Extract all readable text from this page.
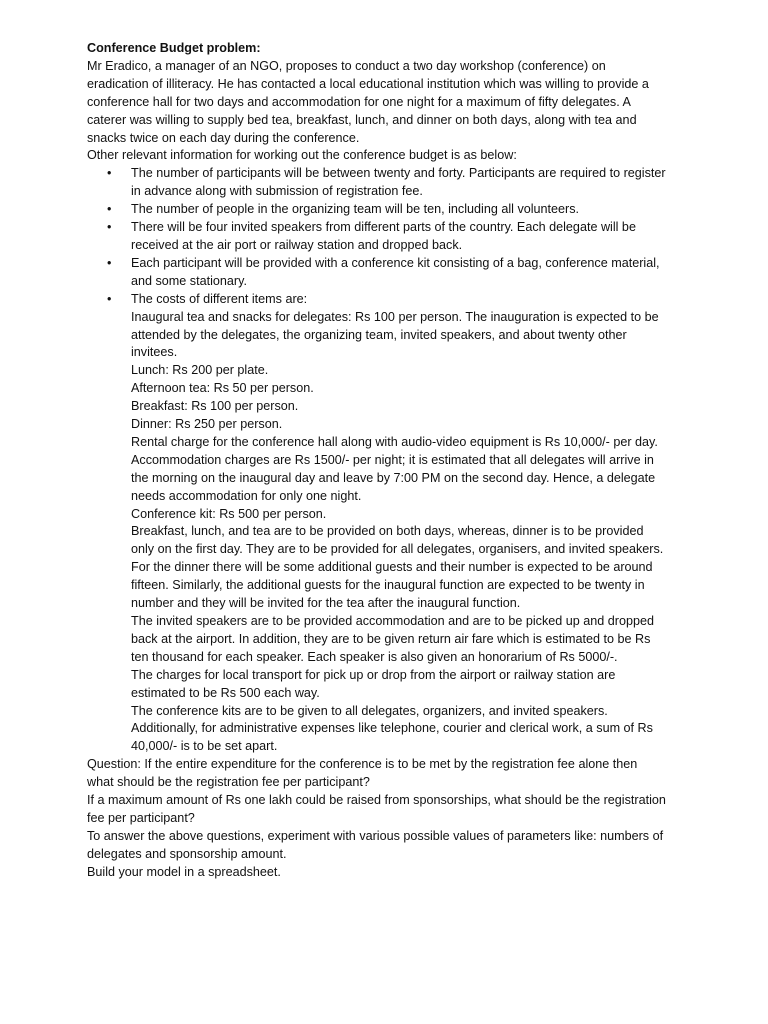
Conference Budget problem:

Mr Eradico, a manager of an NGO, proposes to conduct a two day workshop (conference) on eradication of illiteracy. He has contacted a local educational institution which was willing to provide a conference hall for two days and accommodation for one night for a maximum of fifty delegates. A caterer was willing to supply bed tea, breakfast, lunch, and dinner on both days, along with tea and snacks twice on each day during the conference.

Other relevant information for working out the conference budget is as below:

• The number of participants will be between twenty and forty. Participants are required to register in advance along with submission of registration fee.
• The number of people in the organizing team will be ten, including all volunteers.
• There will be four invited speakers from different parts of the country. Each delegate will be received at the air port or railway station and dropped back.
• Each participant will be provided with a conference kit consisting of a bag, conference material, and some stationary.
• The costs of different items are:
Inaugural tea and snacks for delegates: Rs 100 per person. The inauguration is expected to be attended by the delegates, the organizing team, invited speakers, and about twenty other invitees.
Lunch: Rs 200 per plate.
Afternoon tea: Rs 50 per person.
Breakfast: Rs 100 per person.
Dinner: Rs 250 per person.
Rental charge for the conference hall along with audio-video equipment is Rs 10,000/- per day.
Accommodation charges are Rs 1500/- per night; it is estimated that all delegates will arrive in the morning on the inaugural day and leave by 7:00 PM on the second day. Hence, a delegate needs accommodation for only one night.
Conference kit: Rs 500 per person.
Breakfast, lunch, and tea are to be provided on both days, whereas, dinner is to be provided only on the first day. They are to be provided for all delegates, organisers, and invited speakers. For the dinner there will be some additional guests and their number is expected to be around fifteen. Similarly, the additional guests for the inaugural function are expected to be twenty in number and they will be invited for the tea after the inaugural function.
The invited speakers are to be provided accommodation and are to be picked up and dropped back at the airport. In addition, they are to be given return air fare which is estimated to be Rs ten thousand for each speaker. Each speaker is also given an honorarium of Rs 5000/-.
The charges for local transport for pick up or drop from the airport or railway station are estimated to be Rs 500 each way.
The conference kits are to be given to all delegates, organizers, and invited speakers.
Additionally, for administrative expenses like telephone, courier and clerical work, a sum of Rs 40,000/- is to be set apart.

Question: If the entire expenditure for the conference is to be met by the registration fee alone then what should be the registration fee per participant?

If a maximum amount of Rs one lakh could be raised from sponsorships, what should be the registration fee per participant?

To answer the above questions, experiment with various possible values of parameters like: numbers of delegates and sponsorship amount.

Build your model in a spreadsheet.
